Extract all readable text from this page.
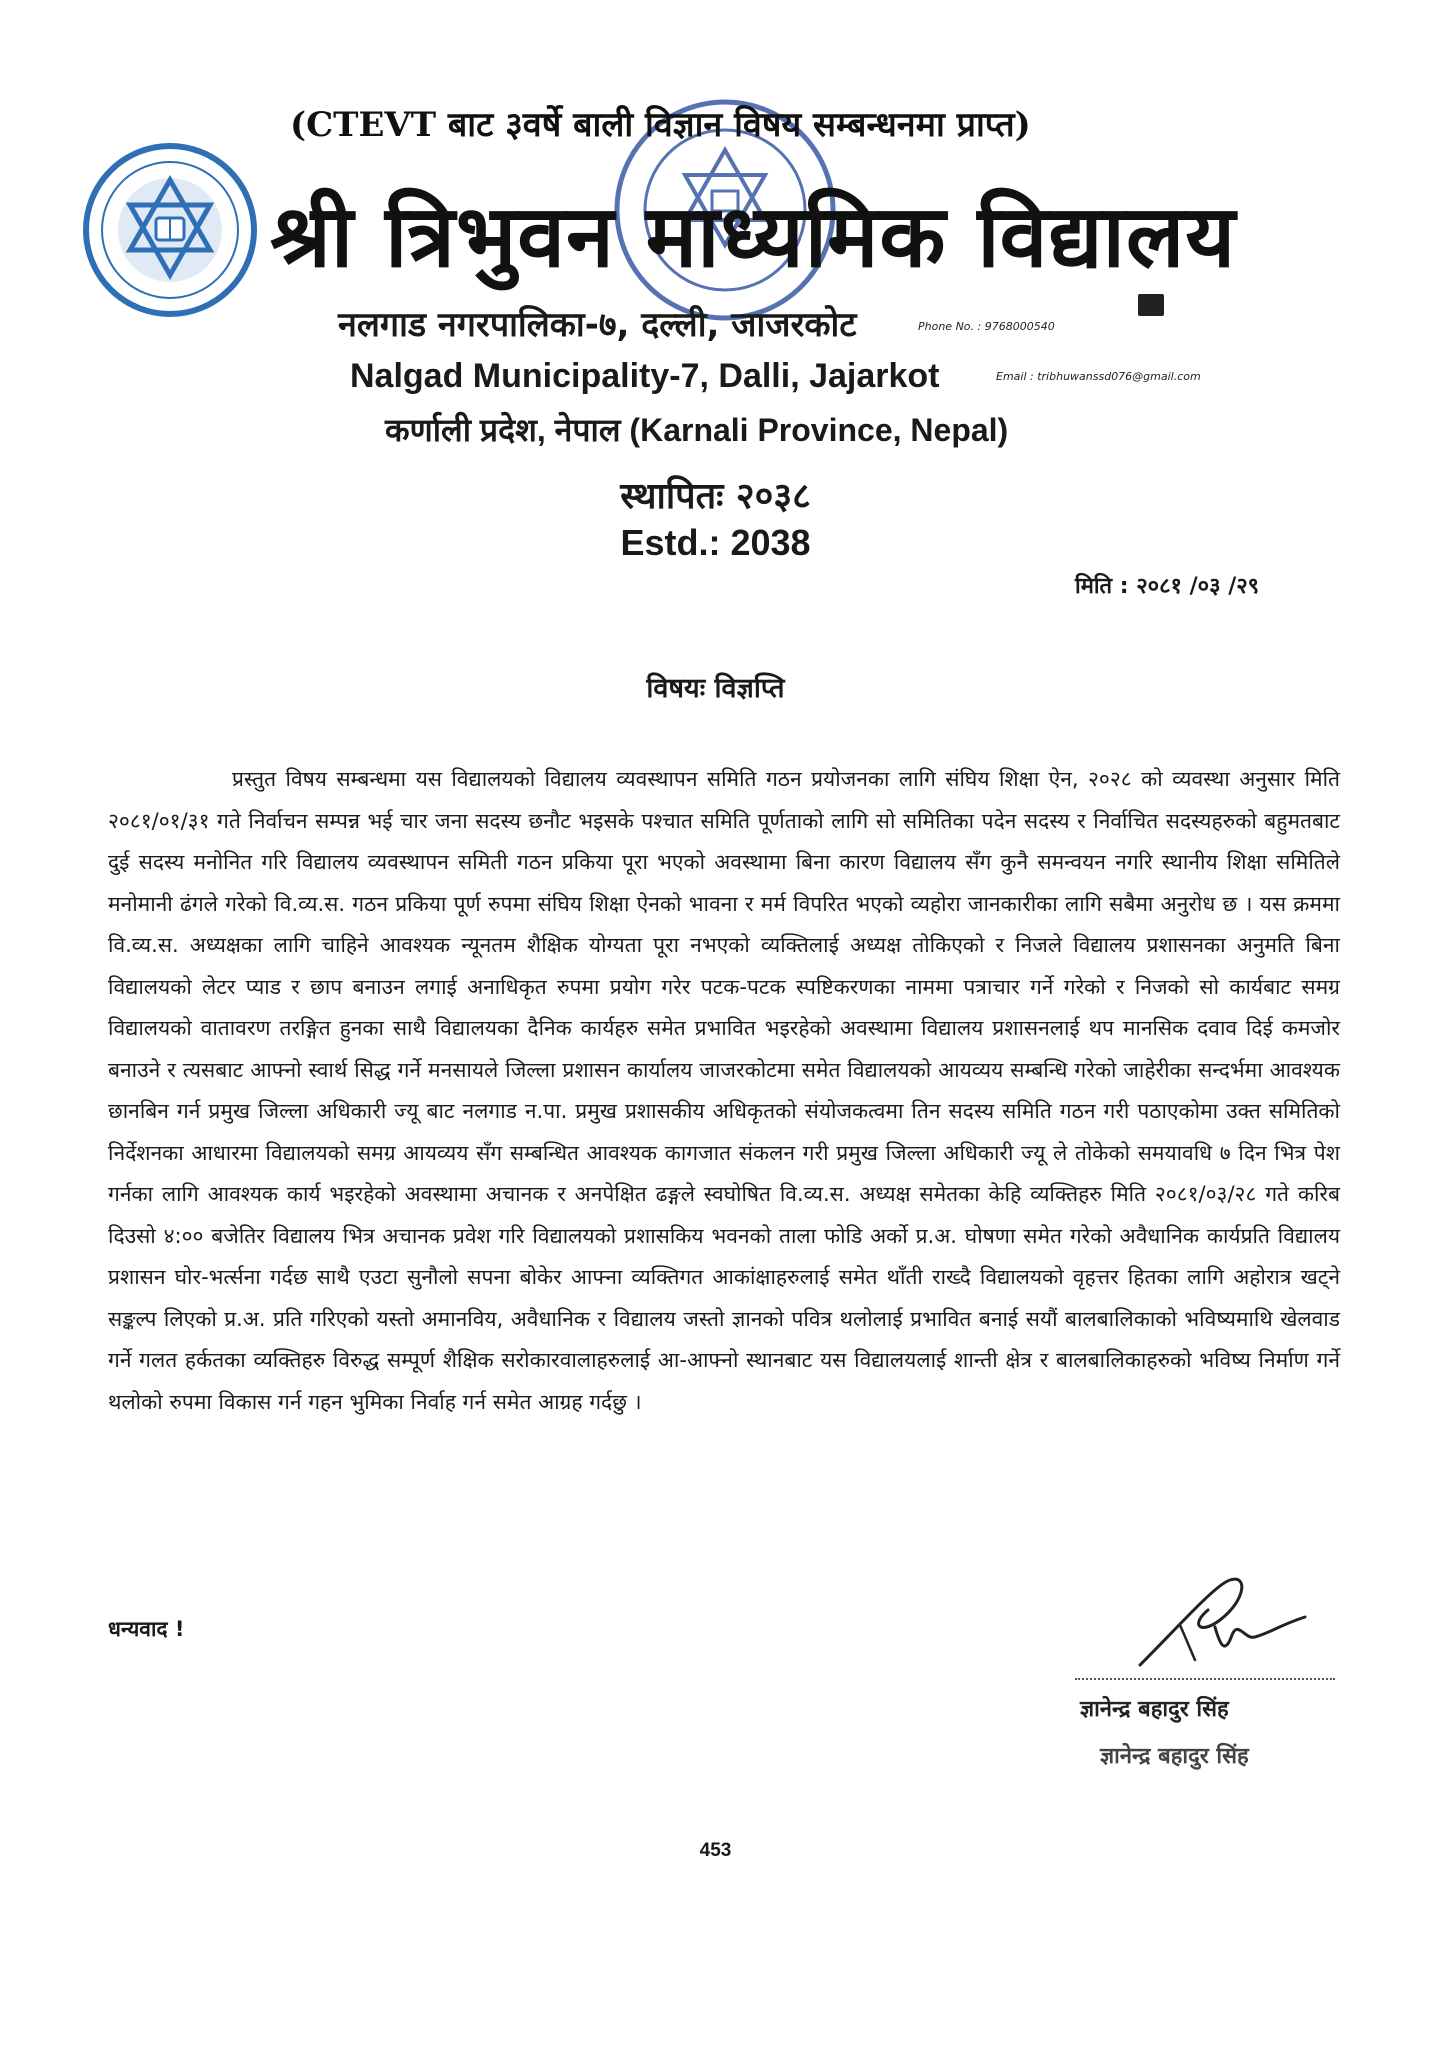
(CTEVT बाट ३वर्षे बाली विज्ञान विषय सम्बन्धनमा प्राप्त)
श्री त्रिभुवन माध्यमिक विद्यालय
नलगाड नगरपालिका-७, दल्ली, जाजरकोट	Phone No. : 9768000540
Nalgad Municipality-7, Dalli, Jajarkot	Email : tribhuwanssd076@gmail.com
कर्णाली प्रदेश, नेपाल (Karnali Province, Nepal)
स्थापितः २०३८
Estd.: 2038
मिति : २०८१ /०३ /२९
विषयः विज्ञप्ति

प्रस्तुत विषय सम्बन्धमा यस विद्यालयको विद्यालय व्यवस्थापन समिति गठन प्रयोजनका लागि संघिय शिक्षा ऐन, २०२८ को व्यवस्था अनुसार मिति २०८१/०१/३१ गते निर्वाचन सम्पन्न भई चार जना सदस्य छनौट भइसके पश्चात समिति पूर्णताको लागि सो समितिका पदेन सदस्य र निर्वाचित सदस्यहरुको बहुमतबाट दुई सदस्य मनोनित गरि विद्यालय व्यवस्थापन समिती गठन प्रकिया पूरा भएको अवस्थामा बिना कारण विद्यालय सँग कुनै समन्वयन नगरि स्थानीय शिक्षा समितिले मनोमानी ढंगले गरेको वि.व्य.स. गठन प्रकिया पूर्ण रुपमा संघिय शिक्षा ऐनको भावना र मर्म विपरित भएको व्यहोरा जानकारीका लागि सबैमा अनुरोध छ । यस क्रममा वि.व्य.स. अध्यक्षका लागि चाहिने आवश्यक न्यूनतम शैक्षिक योग्यता पूरा नभएको व्यक्तिलाई अध्यक्ष तोकिएको र निजले विद्यालय प्रशासनका अनुमति बिना विद्यालयको लेटर प्याड र छाप बनाउन लगाई अनाधिकृत रुपमा प्रयोग गरेर पटक-पटक स्पष्टिकरणका नाममा पत्राचार गर्ने गरेको र निजको सो कार्यबाट समग्र विद्यालयको वातावरण तरङ्गित हुनका साथै विद्यालयका दैनिक कार्यहरु समेत प्रभावित भइरहेको अवस्थामा विद्यालय प्रशासनलाई थप मानसिक दवाव दिई कमजोर बनाउने र त्यसबाट आफ्नो स्वार्थ सिद्ध गर्ने मनसायले जिल्ला प्रशासन कार्यालय जाजरकोटमा समेत विद्यालयको आयव्यय सम्बन्धि गरेको जाहेरीका सन्दर्भमा आवश्यक छानबिन गर्न प्रमुख जिल्ला अधिकारी ज्यू बाट नलगाड न.पा. प्रमुख प्रशासकीय अधिकृतको संयोजकत्वमा तिन सदस्य समिति गठन गरी पठाएकोमा उक्त समितिको निर्देशनका आधारमा विद्यालयको समग्र आयव्यय सँग सम्बन्धित आवश्यक कागजात संकलन गरी प्रमुख जिल्ला अधिकारी ज्यू ले तोकेको समयावधि ७ दिन भित्र पेश गर्नका लागि आवश्यक कार्य भइरहेको अवस्थामा अचानक र अनपेक्षित ढङ्गले स्वघोषित वि.व्य.स. अध्यक्ष समेतका केहि व्यक्तिहरु मिति २०८१/०३/२८ गते करिब दिउसो ४:०० बजेतिर विद्यालय भित्र अचानक प्रवेश गरि विद्यालयको प्रशासकिय भवनको ताला फोडि अर्को प्र.अ. घोषणा समेत गरेको अवैधानिक कार्यप्रति विद्यालय प्रशासन घोर-भर्त्सना गर्दछ साथै एउटा सुनौलो सपना बोकेर आफ्ना व्यक्तिगत आकांक्षाहरुलाई समेत थाँती राख्दै विद्यालयको वृहत्तर हितका लागि अहोरात्र खट्ने सङ्कल्प लिएको प्र.अ. प्रति गरिएको यस्तो अमानविय, अवैधानिक र विद्यालय जस्तो ज्ञानको पवित्र थलोलाई प्रभावित बनाई सयौं बालबालिकाको भविष्यमाथि खेलवाड गर्ने गलत हर्कतका व्यक्तिहरु विरुद्ध सम्पूर्ण शैक्षिक सरोकारवालाहरुलाई आ-आफ्नो स्थानबाट यस विद्यालयलाई शान्ती क्षेत्र र बालबालिकाहरुको भविष्य निर्माण गर्ने थलोको रुपमा विकास गर्न गहन भुमिका निर्वाह गर्न समेत आग्रह गर्दछु ।

धन्यवाद !
ज्ञानेन्द्र बहादुर सिंह
ज्ञानेन्द्र बहादुर सिंह
453
